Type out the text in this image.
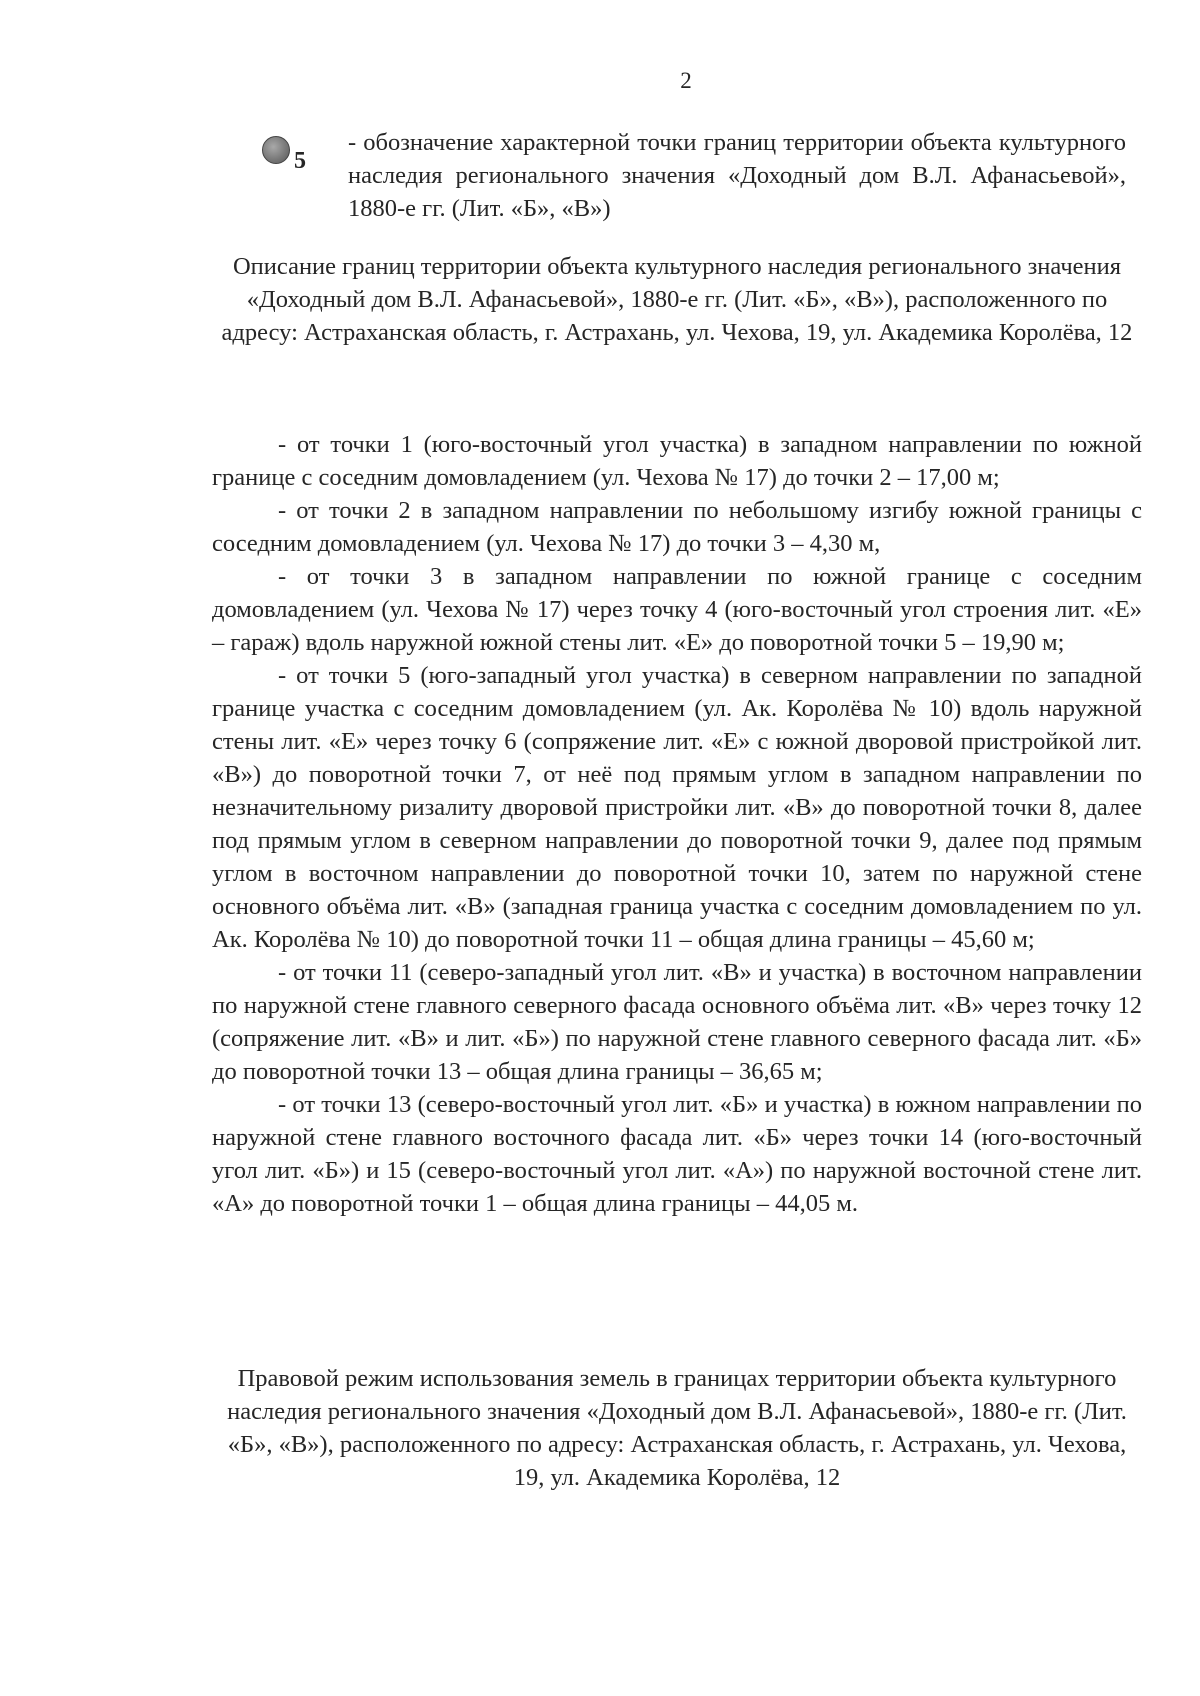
2
5
- обозначение характерной точки границ территории объекта культурного наследия регионального значения «Доходный дом В.Л. Афанасьевой», 1880-е гг. (Лит. «Б», «В»)
Описание границ территории объекта культурного наследия регионального значения «Доходный дом В.Л. Афанасьевой», 1880-е гг. (Лит. «Б», «В»), расположенного по адресу: Астраханская область, г. Астрахань, ул. Чехова, 19, ул. Академика Королёва, 12

- от точки 1 (юго-восточный угол участка) в западном направлении по южной границе с соседним домовладением (ул. Чехова № 17) до точки 2 – 17,00 м;

- от точки 2 в западном направлении по небольшому изгибу южной границы с соседним домовладением (ул. Чехова № 17) до точки 3 – 4,30 м,

- от точки 3 в западном направлении по южной границе с соседним домовладением (ул. Чехова № 17) через точку 4 (юго-восточный угол строения лит. «Е» – гараж) вдоль наружной южной стены лит. «Е» до поворотной точки 5 – 19,90 м;

- от точки 5 (юго-западный угол участка) в северном направлении по западной границе участка с соседним домовладением (ул. Ак. Королёва № 10) вдоль наружной стены лит. «Е» через точку 6 (сопряжение лит. «Е» с южной дворовой пристройкой лит. «В») до поворотной точки 7, от неё под прямым углом в западном направлении по незначительному ризалиту дворовой пристройки лит. «В» до поворотной точки 8, далее под прямым углом в северном направлении до поворотной точки 9, далее под прямым углом в восточном направлении до поворотной точки 10, затем по наружной стене основного объёма лит. «В» (западная граница участка с соседним домовладением по ул. Ак. Королёва № 10) до поворотной точки 11 – общая длина границы – 45,60 м;

- от точки 11 (северо-западный угол лит. «В» и участка) в восточном направлении по наружной стене главного северного фасада основного объёма лит. «В» через точку 12 (сопряжение лит. «В» и лит. «Б») по наружной стене главного северного фасада лит. «Б» до поворотной точки 13 – общая длина границы – 36,65 м;

- от точки 13 (северо-восточный угол лит. «Б» и участка) в южном направлении по наружной стене главного восточного фасада лит. «Б» через точки 14 (юго-восточный угол лит. «Б») и 15 (северо-восточный угол лит. «А») по наружной восточной стене лит. «А» до поворотной точки 1 – общая длина границы – 44,05 м.

Правовой режим использования земель в границах территории объекта культурного наследия регионального значения «Доходный дом В.Л. Афанасьевой», 1880-е гг. (Лит. «Б», «В»), расположенного по адресу: Астраханская область, г. Астрахань, ул. Чехова, 19, ул. Академика Королёва, 12
